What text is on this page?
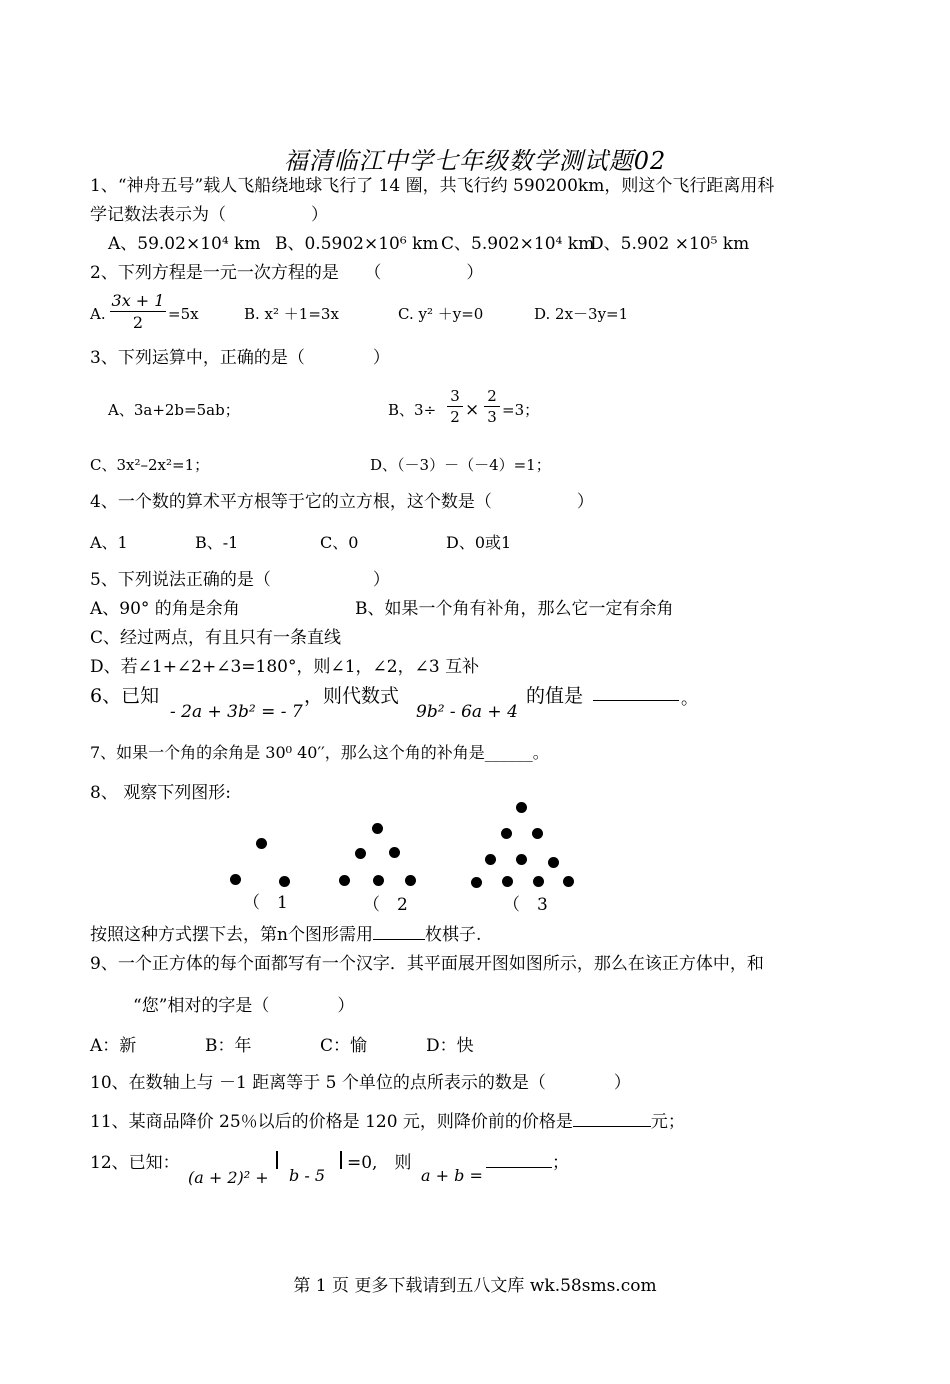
福清临江中学七年级数学测试题02
1、“神舟五号”载人飞船绕地球飞行了 14 圈，共飞行约 590200km，则这个飞行距离用科
学记数法表示为（　　　　　）
A、59.02×10⁴ km B、0.5902×10⁶ km C、5.902×10⁴ km
D、5.902 ×10⁵ km
2、下列方程是一元一次方程的是　　（　　　　　）
A.
3x + 1
2	=5x	B. x² ＋1=3x	C. y² ＋y=0	D. 2x－3y=1
3、下列运算中，正确的是（　　　　）
A、3a+2b=5ab；	B、3÷
3
2 ×
2
3 =3；
C、3x²–2x²=1；	D、（－3）－（－4）=1；
4、一个数的算术平方根等于它的立方根，这个数是（　　　　　）
A、1	B、-1	C、0	D、0或1
5、下列说法正确的是（　　　　　　）
A、90° 的角是余角	B、如果一个角有补角，那么它一定有余角
C、经过两点，有且只有一条直线
D、若∠1+∠2+∠3=180°，则∠1，∠2，∠3 互补
6、已知
- 2a + 3b² = - 7
，则代数式
9b² - 6a + 4
的值是	。
7、如果一个角的余角是 30⁰ 40′′，那么这个角的补角是______。
8、 观察下列图形:
（　1	（　2	（　3
按照这种方式摆下去，第n个图形需用	枚棋子.
9、一个正方体的每个面都写有一个汉字．其平面展开图如图所示，那么在该正方体中，和
“您”相对的字是（　　　　）
A：新	B：年	C：愉	D：快
10、在数轴上与 －1 距离等于 5 个单位的点所表示的数是（　　　　）
11、某商品降价 25％以后的价格是 120 元，则降价前的价格是	元；
12、已知：
(a + 2)² + b - 5
=0,　则
a + b =
；
第 1 页 更多下载请到五八文库 wk.58sms.com
